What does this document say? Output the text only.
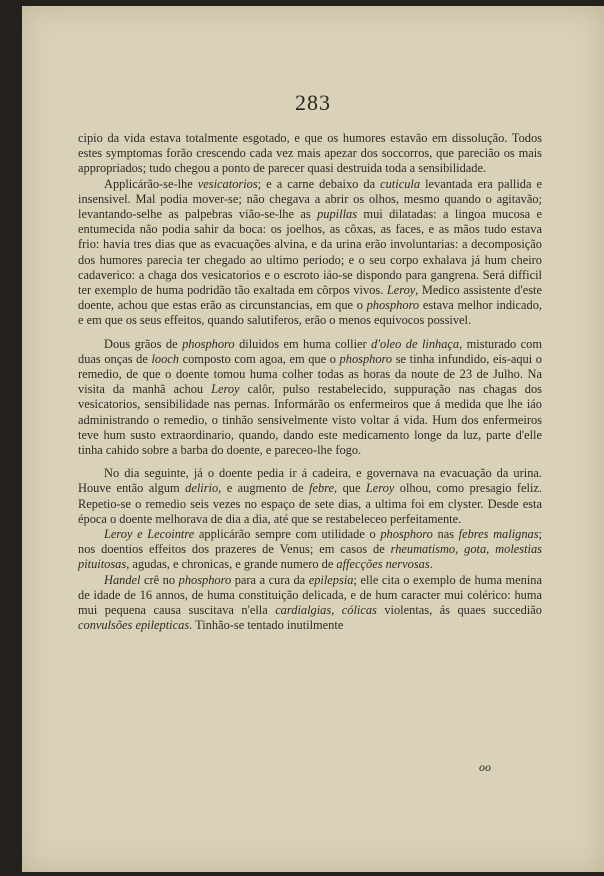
283

cipio da vida estava totalmente esgotado, e que os humores estavão em dissolução. Todos estes symptomas forão crescendo cada vez mais apezar dos soccorros, que parecião os mais appropriados; tudo chegou a ponto de parecer quasi destruida toda a sensibilidade.

Applicárão-se-lhe vesicatorios; e a carne debaixo da cuticula levantada era pallida e insensivel. Mal podia mover-se; não chegava a abrir os olhos, mesmo quando o agitavão; levantando-selhe as palpebras vião-se-lhe as pupillas mui dilatadas: a lingoa mucosa e entumecida não podia sahir da boca: os joelhos, as côxas, as faces, e as mãos tudo estava frio: havia tres dias que as evacuações alvina, e da urina erão involuntarias: a decomposição dos humores parecia ter chegado ao ultimo periodo; e o seu corpo exhalava já hum cheiro cadaverico: a chaga dos vesicatorios e o escroto iáo-se dispondo para gangrena. Será difficil ter exemplo de huma podridão tão exaltada em côrpos vivos. Leroy, Medico assistente d'este doente, achou que estas erão as circunstancias, em que o phosphoro estava melhor indicado, e em que os seus effeitos, quando salutiferos, erão o menos equivocos possivel.

Dous grãos de phosphoro diluidos em huma collier d'oleo de linhaça, misturado com duas onças de looch composto com agoa, em que o phosphoro se tinha infundido, eis-aqui o remedio, de que o doente tomou huma colher todas as horas da noute de 23 de Julho. Na visita da manhã achou Leroy calôr, pulso restabelecido, suppuração nas chagas dos vesicatorios, sensibilidade nas pernas. Informárão os enfermeiros que á medida que lhe iáo administrando o remedio, o tinhão sensivelmente visto voltar á vida. Hum dos enfermeiros teve hum susto extraordinario, quando, dando este medicamento longe da luz, parte d'elle tinha cahido sobre a barba do doente, e pareceo-lhe fogo.

No dia seguinte, já o doente pedia ir á cadeira, e governava na evacuação da urina. Houve então algum delirio, e augmento de febre, que Leroy olhou, como presagio feliz. Repetio-se o remedio seis vezes no espaço de sete dias, a ultima foi em clyster. Desde esta época o doente melhorava de dia a dia, até que se restabeleceo perfeitamente.

Leroy e Lecointre applicárão sempre com utilidade o phosphoro nas febres malignas; nos doentios effeitos dos prazeres de Venus; em casos de rheumatismo, gota, molestias pituitosas, agudas, e chronicas, e grande numero de affecções nervosas.

Handel crê no phosphoro para a cura da epilepsia; elle cita o exemplo de huma menina de idade de 16 annos, de huma constituição delicada, e de hum caracter mui colérico: huma mui pequena causa suscitava n'ella cardialgias, cólicas violentas, ás quaes succedião convulsões epilepticas. Tinhão-se tentado inutilmente

oo
